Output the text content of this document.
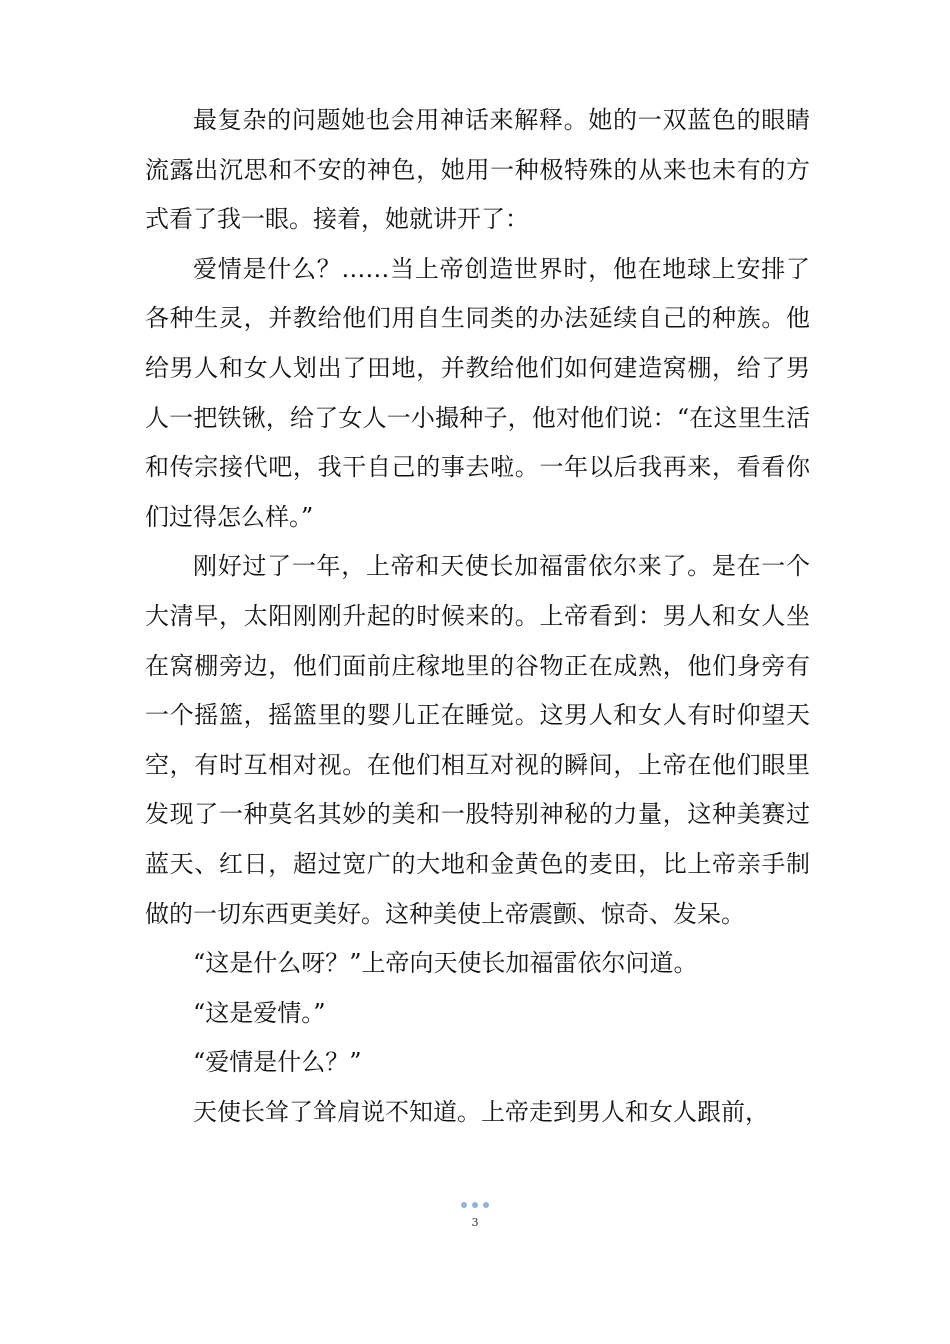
最复杂的问题她也会用神话来解释。她的一双蓝色的眼睛流露出沉思和不安的神色，她用一种极特殊的从来也未有的方式看了我一眼。接着，她就讲开了：

爱情是什么？……当上帝创造世界时，他在地球上安排了各种生灵，并教给他们用自生同类的办法延续自己的种族。他给男人和女人划出了田地，并教给他们如何建造窝棚，给了男人一把铁锹，给了女人一小撮种子，他对他们说：“在这里生活和传宗接代吧，我干自己的事去啦。一年以后我再来，看看你们过得怎么样。”

刚好过了一年，上帝和天使长加福雷依尔来了。是在一个大清早，太阳刚刚升起的时候来的。上帝看到：男人和女人坐在窝棚旁边，他们面前庄稼地里的谷物正在成熟，他们身旁有一个摇篮，摇篮里的婴儿正在睡觉。这男人和女人有时仰望天空，有时互相对视。在他们相互对视的瞬间，上帝在他们眼里发现了一种莫名其妙的美和一股特别神秘的力量，这种美赛过蓝天、红日，超过宽广的大地和金黄色的麦田，比上帝亲手制做的一切东西更美好。这种美使上帝震颤、惊奇、发呆。

“这是什么呀？”上帝向天使长加福雷依尔问道。

“这是爱情。”

“爱情是什么？”

天使长耸了耸肩说不知道。上帝走到男人和女人跟前，

3
